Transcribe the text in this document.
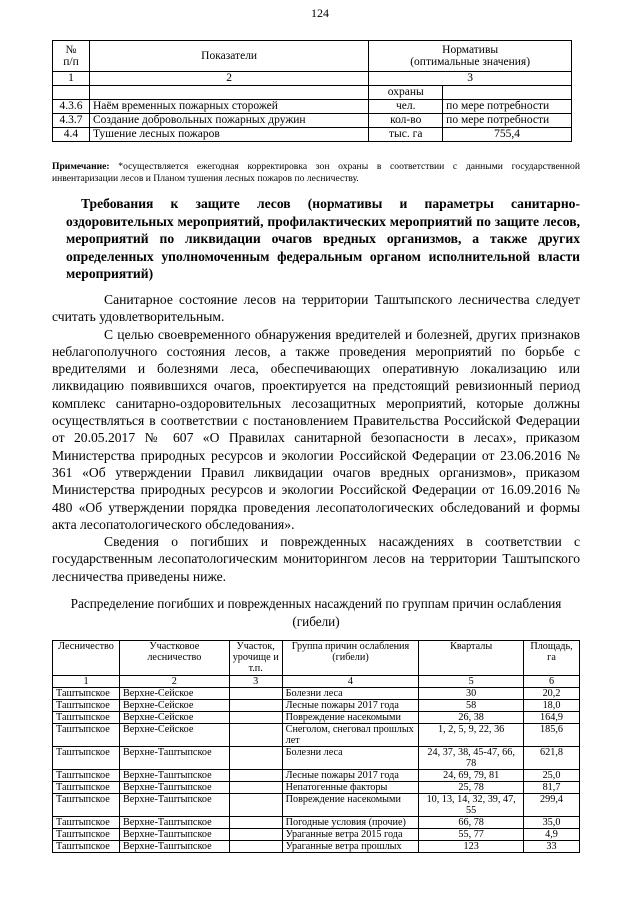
124
№
п/п	Показатели	Нормативы
(оптимальные значения)	
1	2	3	
		охраны	
4.3.6	Наём временных пожарных сторожей	чел.	по мере потребности
4.3.7	Создание добровольных пожарных дружин	кол-во	по мере потребности
4.4	Тушение лесных пожаров	тыс. га	755,4
Примечание: *осуществляется ежегодная корректировка зон охраны в соответствии с данными государственной инвентаризации лесов и Планом тушения лесных пожаров по лесничеству.
Требования к защите лесов (нормативы и параметры санитарно-оздоровительных мероприятий, профилактических мероприятий по защите лесов, мероприятий по ликвидации очагов вредных организмов, а также других определенных уполномоченным федеральным органом исполнительной власти мероприятий)

Санитарное состояние лесов на территории Таштыпского лесничества следует считать удовлетворительным.

С целью своевременного обнаружения вредителей и болезней, других признаков неблагополучного состояния лесов, а также проведения мероприятий по борьбе с вредителями и болезнями леса, обеспечивающих оперативную локализацию или ликвидацию появившихся очагов, проектируется на предстоящий ревизионный период комплекс санитарно-оздоровительных лесозащитных мероприятий, которые должны осуществляться в соответствии с постановлением Правительства Российской Федерации от 20.05.2017 № 607 «О Правилах санитарной безопасности в лесах», приказом Министерства природных ресурсов и экологии Российской Федерации от 23.06.2016 № 361 «Об утверждении Правил ликвидации очагов вредных организмов», приказом Министерства природных ресурсов и экологии Российской Федерации от 16.09.2016 № 480 «Об утверждении порядка проведения лесопатологических обследований и формы акта лесопатологического обследования».

Сведения о погибших и поврежденных насаждениях в соответствии с государственным лесопатологическим мониторингом лесов на территории Таштыпского лесничества приведены ниже.

Распределение погибших и поврежденных насаждений по группам причин ослабления (гибели)
Лесничество	Участковое лесничество	Участок, урочище и т.п.	Группа причин ослабления (гибели)	Кварталы	Площадь, га
1	2	3	4	5	6
Таштыпское	Верхне-Сейское		Болезни леса	30	20,2
Таштыпское	Верхне-Сейское		Лесные пожары 2017 года	58	18,0
Таштыпское	Верхне-Сейское		Повреждение насекомыми	26, 38	164,9
Таштыпское	Верхне-Сейское		Снеголом, снеговал прошлых лет	1, 2, 5, 9, 22, 36	185,6
Таштыпское	Верхне-Таштыпское		Болезни леса	24, 37, 38, 45-47, 66, 78	621,8
Таштыпское	Верхне-Таштыпское		Лесные пожары 2017 года	24, 69, 79, 81	25,0
Таштыпское	Верхне-Таштыпское		Непатогенные факторы	25, 78	81,7
Таштыпское	Верхне-Таштыпское		Повреждение насекомыми	10, 13, 14, 32, 39, 47, 55	299,4
Таштыпское	Верхне-Таштыпское		Погодные условия (прочие)	66, 78	35,0
Таштыпское	Верхне-Таштыпское		Ураганные ветра 2015 года	55, 77	4,9
Таштыпское	Верхне-Таштыпское		Ураганные ветра прошлых	123	33
